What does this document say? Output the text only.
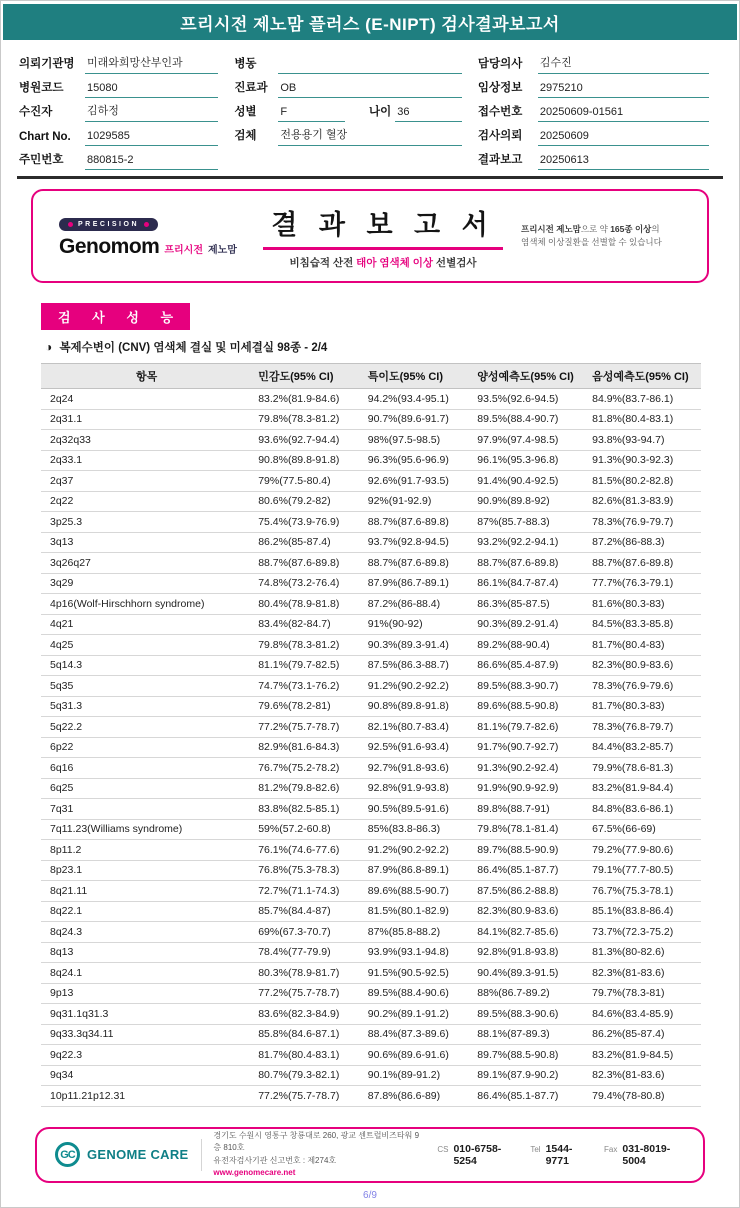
프리시전 제노맘 플러스 (E-NIPT) 검사결과보고서
의뢰기관명	미래와희망산부인과
병원코드	15080
수진자	김하정
Chart No.	1029585
주민번호	880815-2
병동
진료과	OB
성별	F	나이 36
검체	전용용기 혈장
담당의사	김수진
임상정보	2975210
접수번호	20250609-01561
검사의뢰	20250609
결과보고	20250613
PRECISION
Genomom 프리시전 제노맘
결 과 보 고 서
비침습적 산전 태아 염색체 이상 선별검사
프리시전 제노맘으로 약 165종 이상의
염색체 이상질환을 선별할 수 있습니다
검 사 성 능
◑ 복제수변이 (CNV) 염색체 결실 및 미세결실 98종 - 2/4
항목	민감도(95% CI)	특이도(95% CI)	양성예측도(95% CI)	음성예측도(95% CI)
2q24	83.2%(81.9-84.6)	94.2%(93.4-95.1)	93.5%(92.6-94.5)	84.9%(83.7-86.1)
2q31.1	79.8%(78.3-81.2)	90.7%(89.6-91.7)	89.5%(88.4-90.7)	81.8%(80.4-83.1)
2q32q33	93.6%(92.7-94.4)	98%(97.5-98.5)	97.9%(97.4-98.5)	93.8%(93-94.7)
2q33.1	90.8%(89.8-91.8)	96.3%(95.6-96.9)	96.1%(95.3-96.8)	91.3%(90.3-92.3)
2q37	79%(77.5-80.4)	92.6%(91.7-93.5)	91.4%(90.4-92.5)	81.5%(80.2-82.8)
2q22	80.6%(79.2-82)	92%(91-92.9)	90.9%(89.8-92)	82.6%(81.3-83.9)
3p25.3	75.4%(73.9-76.9)	88.7%(87.6-89.8)	87%(85.7-88.3)	78.3%(76.9-79.7)
3q13	86.2%(85-87.4)	93.7%(92.8-94.5)	93.2%(92.2-94.1)	87.2%(86-88.3)
3q26q27	88.7%(87.6-89.8)	88.7%(87.6-89.8)	88.7%(87.6-89.8)	88.7%(87.6-89.8)
3q29	74.8%(73.2-76.4)	87.9%(86.7-89.1)	86.1%(84.7-87.4)	77.7%(76.3-79.1)
4p16(Wolf-Hirschhorn syndrome)	80.4%(78.9-81.8)	87.2%(86-88.4)	86.3%(85-87.5)	81.6%(80.3-83)
4q21	83.4%(82-84.7)	91%(90-92)	90.3%(89.2-91.4)	84.5%(83.3-85.8)
4q25	79.8%(78.3-81.2)	90.3%(89.3-91.4)	89.2%(88-90.4)	81.7%(80.4-83)
5q14.3	81.1%(79.7-82.5)	87.5%(86.3-88.7)	86.6%(85.4-87.9)	82.3%(80.9-83.6)
5q35	74.7%(73.1-76.2)	91.2%(90.2-92.2)	89.5%(88.3-90.7)	78.3%(76.9-79.6)
5q31.3	79.6%(78.2-81)	90.8%(89.8-91.8)	89.6%(88.5-90.8)	81.7%(80.3-83)
5q22.2	77.2%(75.7-78.7)	82.1%(80.7-83.4)	81.1%(79.7-82.6)	78.3%(76.8-79.7)
6p22	82.9%(81.6-84.3)	92.5%(91.6-93.4)	91.7%(90.7-92.7)	84.4%(83.2-85.7)
6q16	76.7%(75.2-78.2)	92.7%(91.8-93.6)	91.3%(90.2-92.4)	79.9%(78.6-81.3)
6q25	81.2%(79.8-82.6)	92.8%(91.9-93.8)	91.9%(90.9-92.9)	83.2%(81.9-84.4)
7q31	83.8%(82.5-85.1)	90.5%(89.5-91.6)	89.8%(88.7-91)	84.8%(83.6-86.1)
7q11.23(Williams syndrome)	59%(57.2-60.8)	85%(83.8-86.3)	79.8%(78.1-81.4)	67.5%(66-69)
8p11.2	76.1%(74.6-77.6)	91.2%(90.2-92.2)	89.7%(88.5-90.9)	79.2%(77.9-80.6)
8p23.1	76.8%(75.3-78.3)	87.9%(86.8-89.1)	86.4%(85.1-87.7)	79.1%(77.7-80.5)
8q21.11	72.7%(71.1-74.3)	89.6%(88.5-90.7)	87.5%(86.2-88.8)	76.7%(75.3-78.1)
8q22.1	85.7%(84.4-87)	81.5%(80.1-82.9)	82.3%(80.9-83.6)	85.1%(83.8-86.4)
8q24.3	69%(67.3-70.7)	87%(85.8-88.2)	84.1%(82.7-85.6)	73.7%(72.3-75.2)
8q13	78.4%(77-79.9)	93.9%(93.1-94.8)	92.8%(91.8-93.8)	81.3%(80-82.6)
8q24.1	80.3%(78.9-81.7)	91.5%(90.5-92.5)	90.4%(89.3-91.5)	82.3%(81-83.6)
9p13	77.2%(75.7-78.7)	89.5%(88.4-90.6)	88%(86.7-89.2)	79.7%(78.3-81)
9q31.1q31.3	83.6%(82.3-84.9)	90.2%(89.1-91.2)	89.5%(88.3-90.6)	84.6%(83.4-85.9)
9q33.3q34.11	85.8%(84.6-87.1)	88.4%(87.3-89.6)	88.1%(87-89.3)	86.2%(85-87.4)
9q22.3	81.7%(80.4-83.1)	90.6%(89.6-91.6)	89.7%(88.5-90.8)	83.2%(81.9-84.5)
9q34	80.7%(79.3-82.1)	90.1%(89-91.2)	89.1%(87.9-90.2)	82.3%(81-83.6)
10p11.21p12.31	77.2%(75.7-78.7)	87.8%(86.6-89)	86.4%(85.1-87.7)	79.4%(78-80.8)
GC GENOME CARE
경기도 수원시 영통구 창룡대로 260, 광교 센트럴비즈타워 9층 810호
유전자검사기관 신고번호 : 제274호
www.genomecare.net
CS 010-6758-5254
Tel 1544-9771
Fax 031-8019-5004
6/9
